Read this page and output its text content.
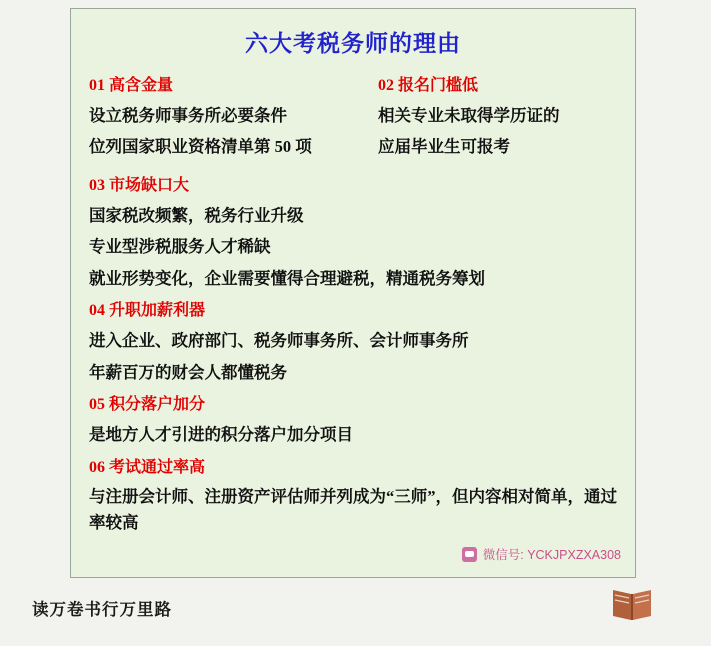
六大考税务师的理由
01 高含金量
设立税务师事务所必要条件
位列国家职业资格清单第 50 项
02 报名门槛低
相关专业未取得学历证的
应届毕业生可报考
03 市场缺口大
国家税改频繁，税务行业升级
专业型涉税服务人才稀缺
就业形势变化，企业需要懂得合理避税，精通税务筹划
04 升职加薪利器
进入企业、政府部门、税务师事务所、会计师事务所
年薪百万的财会人都懂税务
05 积分落户加分
是地方人才引进的积分落户加分项目
06 考试通过率高
与注册会计师、注册资产评估师并列成为“三师”，但内容相对简单，通过率较高
微信号: YCKJPXZXA308
读万卷书行万里路
